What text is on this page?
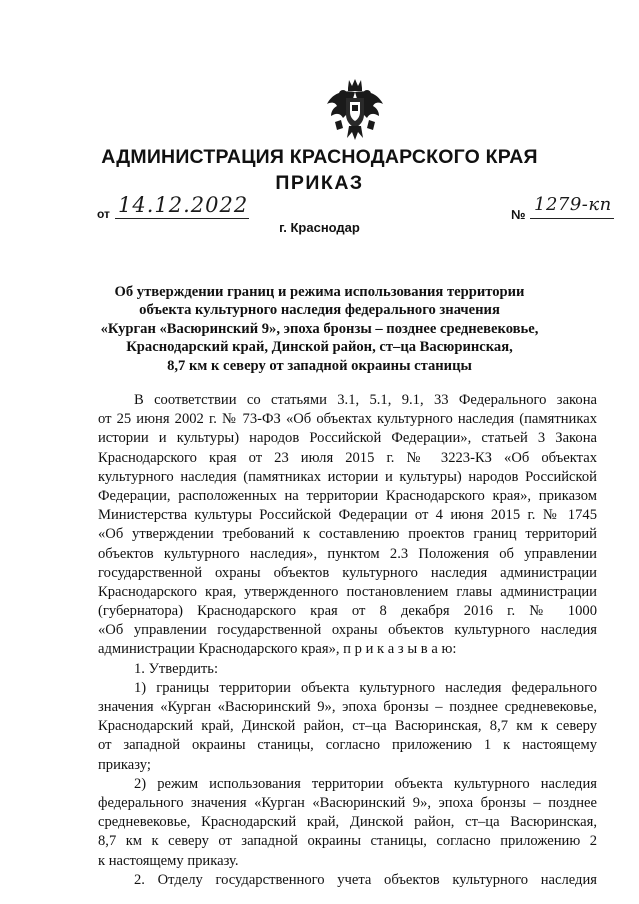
АДМИНИСТРАЦИЯ КРАСНОДАРСКОГО КРАЯ
ПРИКАЗ
от 14.12.2022
г. Краснодар
№ 1279-кп
Об утверждении границ и режима использования территории
объекта культурного наследия федерального значения
«Курган «Васюринский 9», эпоха бронзы – позднее средневековье,
Краснодарский край, Динской район, ст–ца Васюринская,
8,7 км к северу от западной окраины станицы
В соответствии со статьями 3.1, 5.1, 9.1, 33 Федерального закона
от 25 июня 2002 г. № 73-ФЗ «Об объектах культурного наследия (памятниках
истории и культуры) народов Российской Федерации», статьей 3 Закона
Краснодарского края от 23 июля 2015 г. № 3223-КЗ «Об объектах
культурного наследия (памятниках истории и культуры) народов Российской
Федерации, расположенных на территории Краснодарского края», приказом
Министерства культуры Российской Федерации от 4 июня 2015 г. № 1745
«Об утверждении требований к составлению проектов границ территорий
объектов культурного наследия», пунктом 2.3 Положения об управлении
государственной охраны объектов культурного наследия администрации
Краснодарского края, утвержденного постановлением главы администрации
(губернатора) Краснодарского края от 8 декабря 2016 г. № 1000
«Об управлении государственной охраны объектов культурного наследия
администрации Краснодарского края», п р и к а з ы в а ю:
1. Утвердить:
1) границы территории объекта культурного наследия федерального
значения «Курган «Васюринский 9», эпоха бронзы – позднее средневековье,
Краснодарский край, Динской район, ст–ца Васюринская, 8,7 км к северу
от западной окраины станицы, согласно приложению 1 к настоящему
приказу;
2) режим использования территории объекта культурного наследия
федерального значения «Курган «Васюринский 9», эпоха бронзы – позднее
средневековье, Краснодарский край, Динской район, ст–ца Васюринская,
8,7 км к северу от западной окраины станицы, согласно приложению 2
к настоящему приказу.
2. Отделу государственного учета объектов культурного наследия
